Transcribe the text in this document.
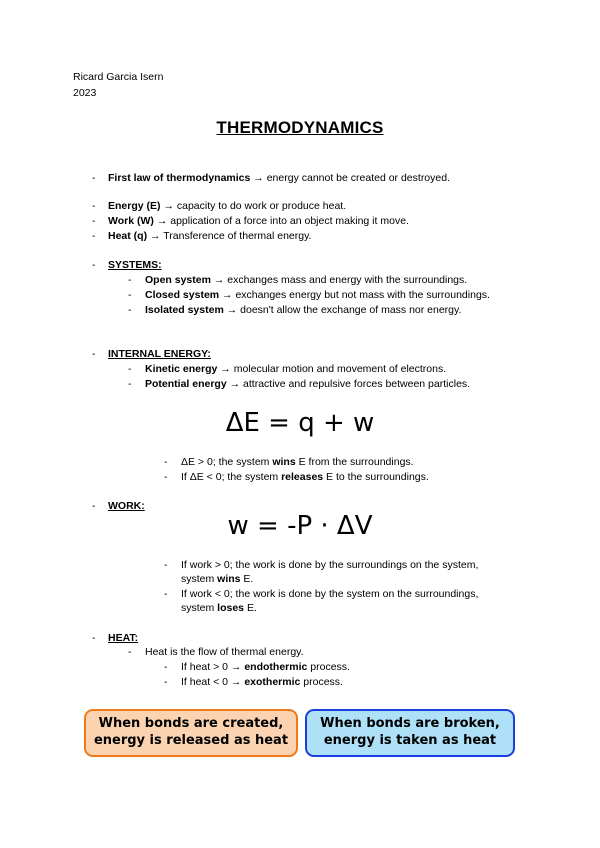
Ricard Garcia Isern
2023
THERMODYNAMICS
- First law of thermodynamics → energy cannot be created or destroyed.
- Energy (E) → capacity to do work or produce heat.
- Work (W) → application of a force into an object making it move.
- Heat (q) → Transference of thermal energy.
- SYSTEMS:
- Open system → exchanges mass and energy with the surroundings.
- Closed system → exchanges energy but not mass with the surroundings.
- Isolated system → doesn't allow the exchange of mass nor energy.
- INTERNAL ENERGY:
- Kinetic energy → molecular motion and movement of electrons.
- Potential energy → attractive and repulsive forces between particles.
ΔE = q + w
- ΔE > 0; the system wins E from the surroundings.
- If ΔE < 0; the system releases E to the surroundings.
- WORK:
w = -P · ΔV
- If work > 0; the work is done by the surroundings on the system,
system wins E.
- If work < 0; the work is done by the system on the surroundings,
system loses E.
- HEAT:
- Heat is the flow of thermal energy.
- If heat > 0 → endothermic process.
- If heat < 0 → exothermic process.
When bonds are created,
energy is released as heat
When bonds are broken,
energy is taken as heat
